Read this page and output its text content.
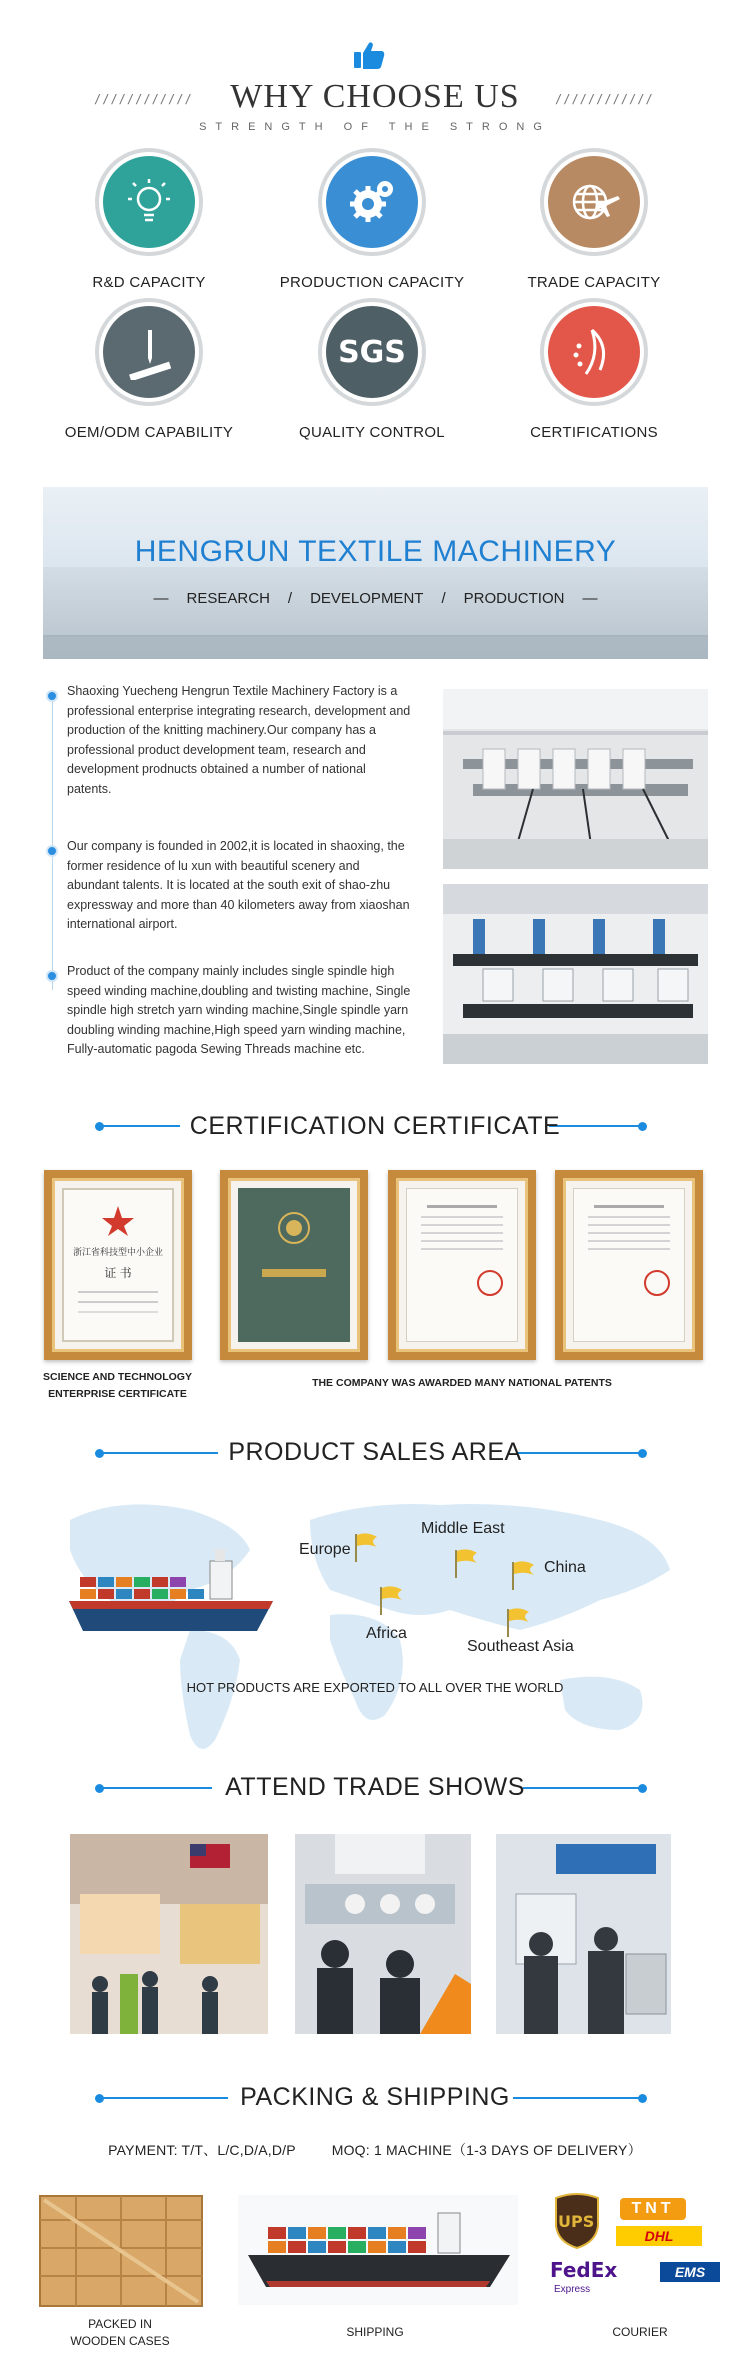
WHY CHOOSE US
////////////	////////////
STRENGTH OF THE STRONG
R&D CAPACITY	PRODUCTION CAPACITY	TRADE CAPACITY
OEM/ODM CAPABILITY
SGS
QUALITY CONTROL	CERTIFICATIONS
HENGRUN TEXTILE MACHINERY
— RESEARCH / DEVELOPMENT / PRODUCTION —
Shaoxing Yuecheng Hengrun Textile Machinery Factory is a professional enterprise integrating research, development and production of the knitting machinery.Our company has a professional product development team, research and development prodnucts obtained a number of national patents.
Our company is founded in 2002,it is located in shaoxing, the former residence of lu xun with beautiful scenery and abundant talents. It is located at the south exit of shao-zhu expressway and more than 40 kilometers away from xiaoshan international airport.
Product of the company mainly includes single spindle high speed winding machine,doubling and twisting machine, Single spindle high stretch yarn winding machine,Single spindle yarn doubling winding machine,High speed yarn winding machine, Fully-automatic pagoda Sewing Threads machine etc.
CERTIFICATION CERTIFICATE
浙江省科技型中小企业
证 书
SCIENCE AND TECHNOLOGY
ENTERPRISE CERTIFICATE
THE COMPANY WAS AWARDED MANY NATIONAL PATENTS
PRODUCT SALES AREA
Europe
Middle East
China
Africa
Southeast Asia
HOT PRODUCTS ARE EXPORTED TO ALL OVER THE WORLD
ATTEND TRADE SHOWS
PACKING & SHIPPING
PAYMENT: T/T、L/C,D/A,D/P	MOQ: 1 MACHINE（1-3 DAYS OF DELIVERY）
PACKED IN
WOODEN CASES
SHIPPING
UPS
TNT
DHL
FedEx
Express
EMS
COURIER
